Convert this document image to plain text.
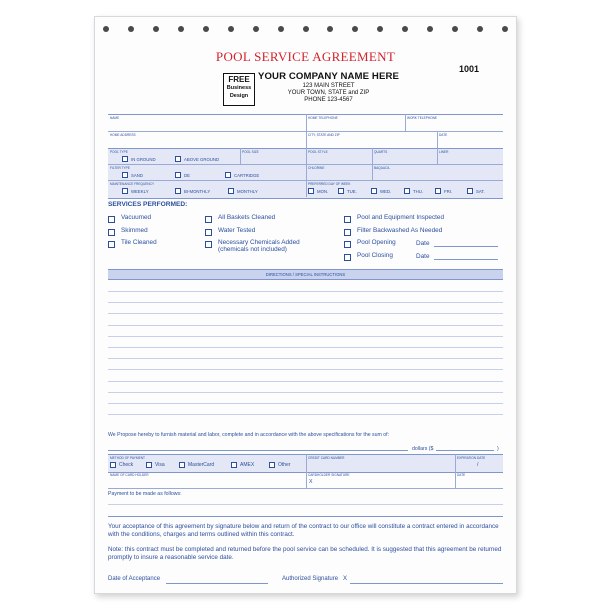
POOL SERVICE AGREEMENT
1001
FREE
Business
Design
YOUR COMPANY NAME HERE
123 MAIN STREET
YOUR TOWN, STATE and ZIP
PHONE 123-4567
NAME	HOME TELEPHONE	WORK TELEPHONE
HOME ADDRESS	CITY, STATE AND ZIP	DATE
POOL TYPE
IN GROUND	ABOVE GROUND
POOL SIZE	POOL STYLE	QUARTS	LINER
FILTER TYPE
SAND	DE	CARTRIDGE
CHLORINE	BAQUACIL
MAINTENANCE FREQUENCY
WEEKLY	BI-MONTHLY	MONTHLY
PREFERRED DAY OF WEEK
MON.	TUE.	WED.	THU.	FRI.	SAT.
SERVICES PERFORMED:
Vacuumed
Skimmed
Tile Cleaned
All Baskets Cleaned
Water Tested
Necessary Chemicals Added
(chemicals not included)
Pool and Equipment Inspected
Filter Backwashed As Needed
Pool Opening
Pool Closing
Date
Date
DIRECTIONS / SPECIAL INSTRUCTIONS
We Propose hereby to furnish material and labor, complete and in accordance with the above specifications for the sum of:
dollars ($	)
METHOD OF PAYMENT
Check	Visa	MasterCard	AMEX	Other
CREDIT CARD NUMBER	EXPIRATION DATE
/
NAME OF CARD HOLDER	CARDHOLDER SIGNATURE
X
DATE
Payment to be made as follows:
Your acceptance of this agreement by signature below and return of the contract to our office will constitute a contract entered in accordance with the conditions, charges and terms outlined within this contract.
Note: this contract must be completed and returned before the pool service can be scheduled. It is suggested that this agreement be returned promptly to insure a reasonable service date.
Date of Acceptance	Authorized Signature X
